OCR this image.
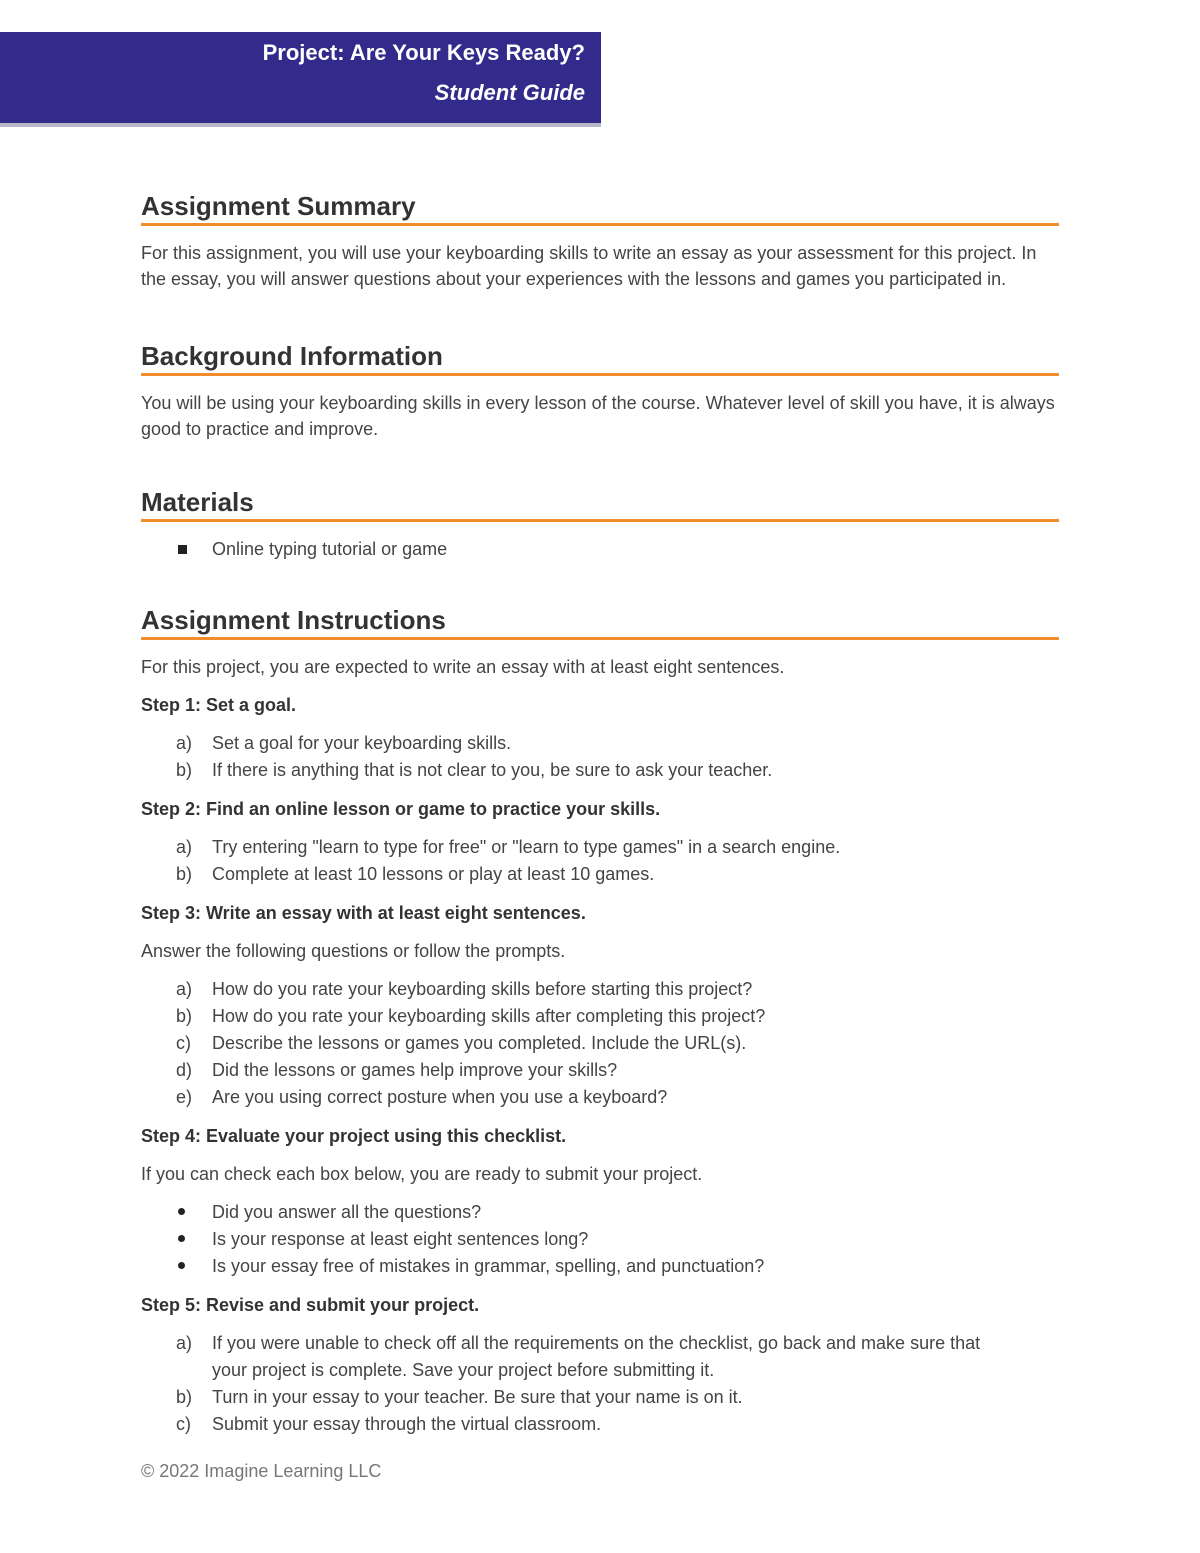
Project: Are Your Keys Ready?
Student Guide
Assignment Summary

For this assignment, you will use your keyboarding skills to write an essay as your assessment for this project. In the essay, you will answer questions about your experiences with the lessons and games you participated in.

Background Information

You will be using your keyboarding skills in every lesson of the course. Whatever level of skill you have, it is always good to practice and improve.

Materials
Online typing tutorial or game
Assignment Instructions

For this project, you are expected to write an essay with at least eight sentences.

Step 1: Set a goal.
a) Set a goal for your keyboarding skills.
b) If there is anything that is not clear to you, be sure to ask your teacher.
Step 2: Find an online lesson or game to practice your skills.
a) Try entering "learn to type for free" or "learn to type games" in a search engine.
b) Complete at least 10 lessons or play at least 10 games.
Step 3: Write an essay with at least eight sentences.

Answer the following questions or follow the prompts.

a) How do you rate your keyboarding skills before starting this project?
b) How do you rate your keyboarding skills after completing this project?
c) Describe the lessons or games you completed. Include the URL(s).
d) Did the lessons or games help improve your skills?
e) Are you using correct posture when you use a keyboard?
Step 4: Evaluate your project using this checklist.

If you can check each box below, you are ready to submit your project.

Did you answer all the questions?
Is your response at least eight sentences long?
Is your essay free of mistakes in grammar, spelling, and punctuation?
Step 5: Revise and submit your project.
a) If you were unable to check off all the requirements on the checklist, go back and make sure that your project is complete. Save your project before submitting it.
b) Turn in your essay to your teacher. Be sure that your name is on it.
c) Submit your essay through the virtual classroom.
© 2022 Imagine Learning LLC
